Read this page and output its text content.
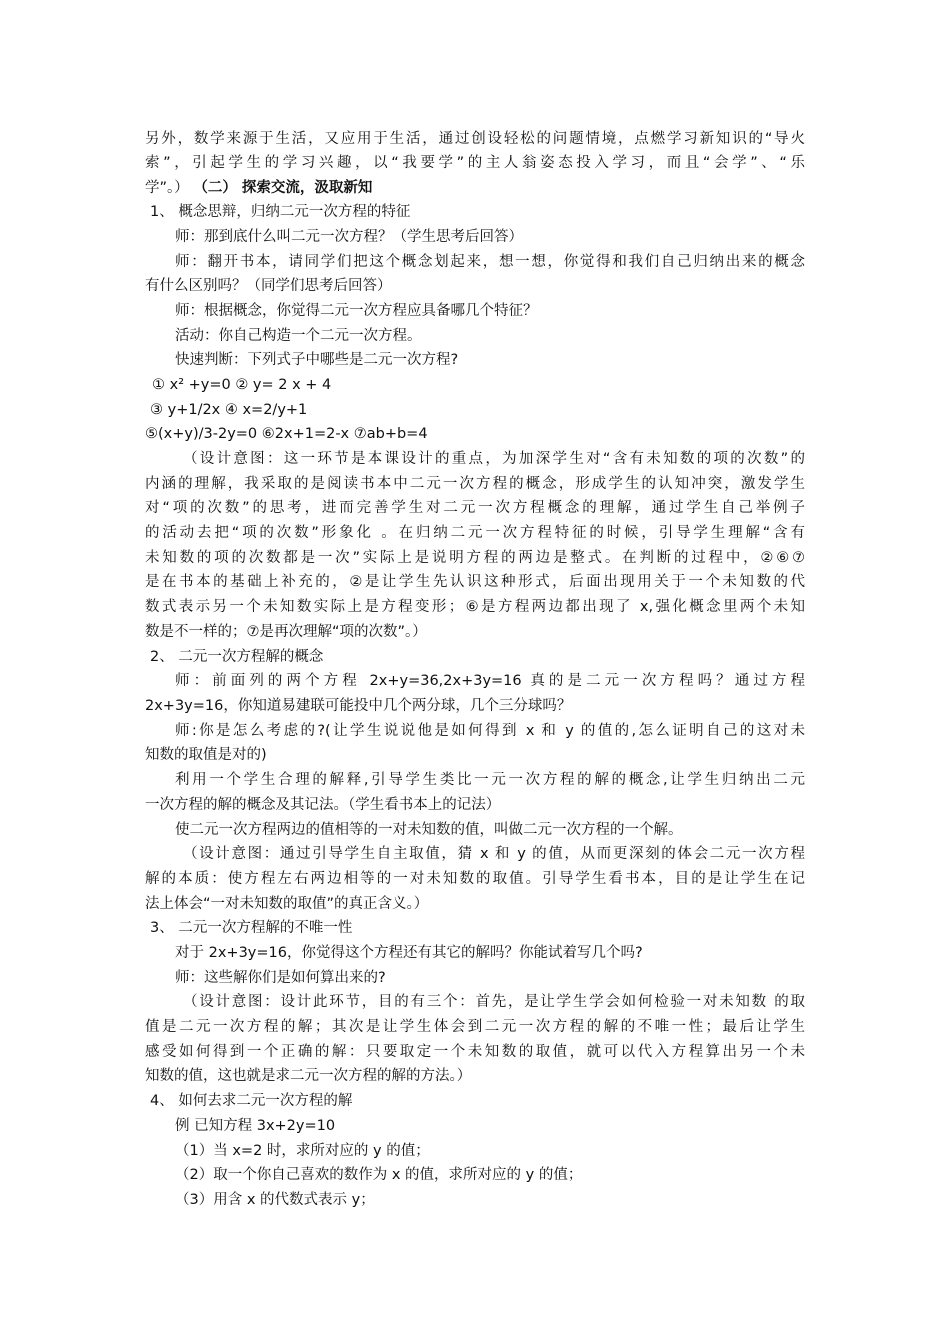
另外，数学来源于生活，又应用于生活，通过创设轻松的问题情境，点燃学习新知识的“导火
索”，引起学生的学习兴趣，以“我要学”的主人翁姿态投入学习，而且“会学”、“乐
学”。） （二） 探索交流，汲取新知
1、 概念思辩，归纳二元一次方程的特征
师：那到底什么叫二元一次方程？（学生思考后回答）
师：翻开书本，请同学们把这个概念划起来，想一想，你觉得和我们自己归纳出来的概念
有什么区别吗？（同学们思考后回答）
师：根据概念，你觉得二元一次方程应具备哪几个特征？
活动：你自己构造一个二元一次方程。
快速判断：下列式子中哪些是二元一次方程?
① x² +y=0 ② y= 2 x + 4
③ y+1/2x ④ x=2/y+1
⑤(x+y)/3-2y=0 ⑥2x+1=2-x ⑦ab+b=4
（设计意图：这一环节是本课设计的重点，为加深学生对“含有未知数的项的次数”的
内涵的理解，我采取的是阅读书本中二元一次方程的概念，形成学生的认知冲突，激发学生
对“项的次数”的思考，进而完善学生对二元一次方程概念的理解，通过学生自己举例子
的活动去把“项的次数”形象化 。在归纳二元一次方程特征的时候，引导学生理解“含有
未知数的项的次数都是一次”实际上是说明方程的两边是整式。在判断的过程中，②⑥⑦
是在书本的基础上补充的，②是让学生先认识这种形式，后面出现用关于一个未知数的代
数式表示另一个未知数实际上是方程变形；⑥是方程两边都出现了 x,强化概念里两个未知
数是不一样的；⑦是再次理解“项的次数”。）
2、 二元一次方程解的概念
师：前面列的两个方程 2x+y=36,2x+3y=16 真的是二元一次方程吗？通过方程
2x+3y=16，你知道易建联可能投中几个两分球，几个三分球吗？
师:你是怎么考虑的?(让学生说说他是如何得到 x 和 y 的值的,怎么证明自己的这对未
知数的取值是对的)
利用一个学生合理的解释,引导学生类比一元一次方程的解的概念,让学生归纳出二元
一次方程的解的概念及其记法。（学生看书本上的记法）
使二元一次方程两边的值相等的一对未知数的值，叫做二元一次方程的一个解。
（设计意图：通过引导学生自主取值，猜 x 和 y 的值，从而更深刻的体会二元一次方程
解的本质：使方程左右两边相等的一对未知数的取值。引导学生看书本，目的是让学生在记
法上体会“一对未知数的取值”的真正含义。）
3、 二元一次方程解的不唯一性
对于 2x+3y=16，你觉得这个方程还有其它的解吗？你能试着写几个吗?
师：这些解你们是如何算出来的?
（设计意图：设计此环节，目的有三个：首先，是让学生学会如何检验一对未知数 的取
值是二元一次方程的解；其次是让学生体会到二元一次方程的解的不唯一性；最后让学生
感受如何得到一个正确的解：只要取定一个未知数的取值，就可以代入方程算出另一个未
知数的值，这也就是求二元一次方程的解的方法。）
4、 如何去求二元一次方程的解
例 已知方程 3x+2y=10
（1）当 x=2 时，求所对应的 y 的值；
（2）取一个你自己喜欢的数作为 x 的值，求所对应的 y 的值；
（3）用含 x 的代数式表示 y；
